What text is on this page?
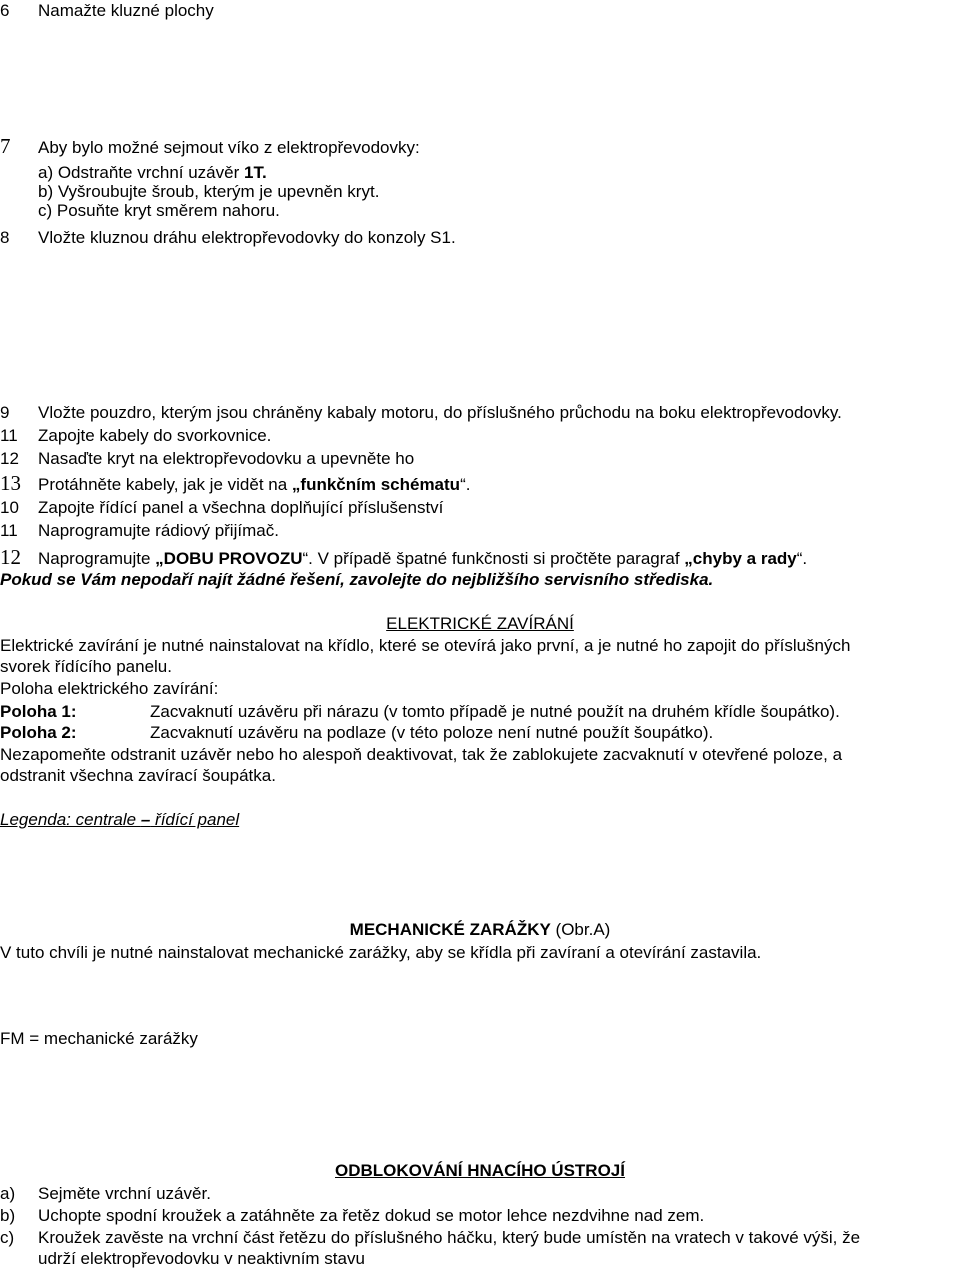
6 Namažte kluzné plochy
7 Aby bylo možné sejmout víko z elektropřevodovky:
a) Odstraňte vrchní uzávěr 1T.
b) Vyšroubujte šroub, kterým je upevněn kryt.
c) Posuňte kryt směrem nahoru.
8 Vložte kluznou dráhu elektropřevodovky do konzoly S1.
9 Vložte pouzdro, kterým jsou chráněny kabaly motoru, do příslušného průchodu na boku elektropřevodovky.
11 Zapojte kabely do svorkovnice.
12 Nasaďte kryt na elektropřevodovku a upevněte ho
13 Protáhněte kabely, jak je vidět na „funkčním schématu“.
10 Zapojte řídící panel a všechna doplňující příslušenství
11 Naprogramujte rádiový přijímač.
12 Naprogramujte „DOBU PROVOZU“. V případě špatné funkčnosti si pročtěte paragraf „chyby a rady“.
Pokud se Vám nepodaří najít žádné řešení, zavolejte do nejbližšího servisního střediska.
ELEKTRICKÉ ZAVÍRÁNÍ
Elektrické zavírání je nutné nainstalovat na křídlo, které se otevírá jako první, a je nutné ho zapojit do příslušných
svorek řídícího panelu.
Poloha elektrického zavírání:
Poloha 1:	Zacvaknutí uzávěru při nárazu (v tomto případě je nutné použít na druhém křídle šoupátko).
Poloha 2:	Zacvaknutí uzávěru na podlaze (v této poloze není nutné použít šoupátko).
Nezapomeňte odstranit uzávěr nebo ho alespoň deaktivovat, tak že zablokujete zacvaknutí v otevřené poloze, a
odstranit všechna zavírací šoupátka.
Legenda: centrale – řídící panel
MECHANICKÉ ZARÁŽKY (Obr.A)
V tuto chvíli je nutné nainstalovat mechanické zarážky, aby se křídla při zavíraní a otevírání zastavila.
FM = mechanické zarážky
ODBLOKOVÁNÍ HNACÍHO ÚSTROJÍ
a) Sejměte vrchní uzávěr.
b) Uchopte spodní kroužek a zatáhněte za řetěz dokud se motor lehce nezdvihne nad zem.
c) Kroužek zavěste na vrchní část řetězu do příslušného háčku, který bude umístěn na vratech v takové výši, že
udrží elektropřevodovku v neaktivním stavu
